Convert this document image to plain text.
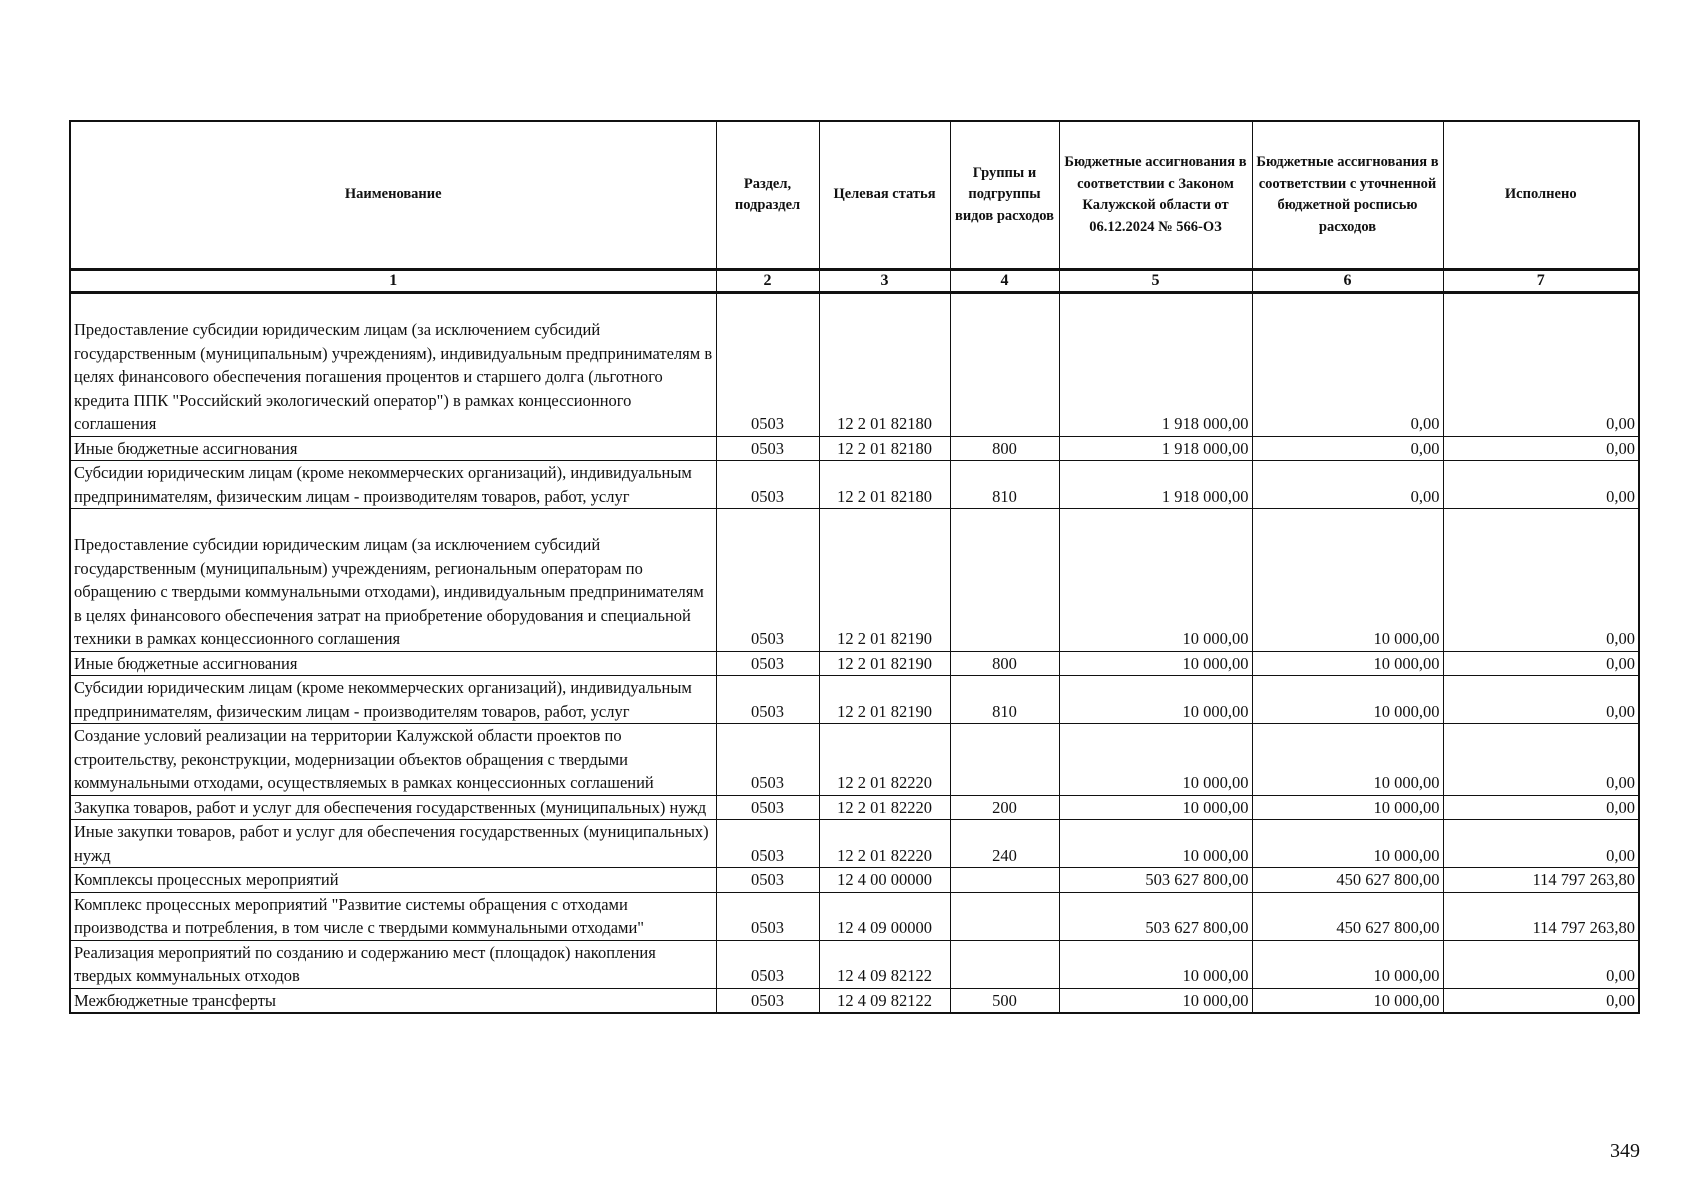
Наименование	Раздел, подраздел	Целевая статья	Группы и подгруппы видов расходов	Бюджетные ассигнования в соответствии с Законом Калужской области от 06.12.2024 № 566-ОЗ	Бюджетные ассигнования в соответствии с уточненной бюджетной росписью расходов	Исполнено
1	2	3	4	5	6	7
Предоставление субсидии юридическим лицам (за исключением субсидий государственным (муниципальным) учреждениям), индивидуальным предпринимателям в целях финансового обеспечения погашения процентов и старшего долга (льготного кредита ППК "Российский экологический оператор") в рамках концессионного соглашения	0503	12 2 01 82180		1 918 000,00	0,00	0,00
Иные бюджетные ассигнования	0503	12 2 01 82180	800	1 918 000,00	0,00	0,00
Субсидии юридическим лицам (кроме некоммерческих организаций), индивидуальным предпринимателям, физическим лицам - производителям товаров, работ, услуг	0503	12 2 01 82180	810	1 918 000,00	0,00	0,00
Предоставление субсидии юридическим лицам (за исключением субсидий государственным (муниципальным) учреждениям, региональным операторам по обращению с твердыми коммунальными отходами), индивидуальным предпринимателям в целях финансового обеспечения затрат на приобретение оборудования и специальной техники в рамках концессионного соглашения	0503	12 2 01 82190		10 000,00	10 000,00	0,00
Иные бюджетные ассигнования	0503	12 2 01 82190	800	10 000,00	10 000,00	0,00
Субсидии юридическим лицам (кроме некоммерческих организаций), индивидуальным предпринимателям, физическим лицам - производителям товаров, работ, услуг	0503	12 2 01 82190	810	10 000,00	10 000,00	0,00
Создание условий реализации на территории Калужской области проектов по строительству, реконструкции, модернизации объектов обращения с твердыми коммунальными отходами, осуществляемых в рамках концессионных соглашений	0503	12 2 01 82220		10 000,00	10 000,00	0,00
Закупка товаров, работ и услуг для обеспечения государственных (муниципальных) нужд	0503	12 2 01 82220	200	10 000,00	10 000,00	0,00
Иные закупки товаров, работ и услуг для обеспечения государственных (муниципальных) нужд	0503	12 2 01 82220	240	10 000,00	10 000,00	0,00
Комплексы процессных мероприятий	0503	12 4 00 00000		503 627 800,00	450 627 800,00	114 797 263,80
Комплекс процессных мероприятий "Развитие системы обращения с отходами производства и потребления, в том числе с твердыми коммунальными отходами"	0503	12 4 09 00000		503 627 800,00	450 627 800,00	114 797 263,80
Реализация мероприятий по созданию и содержанию мест (площадок) накопления твердых коммунальных отходов	0503	12 4 09 82122		10 000,00	10 000,00	0,00
Межбюджетные трансферты	0503	12 4 09 82122	500	10 000,00	10 000,00	0,00
349
